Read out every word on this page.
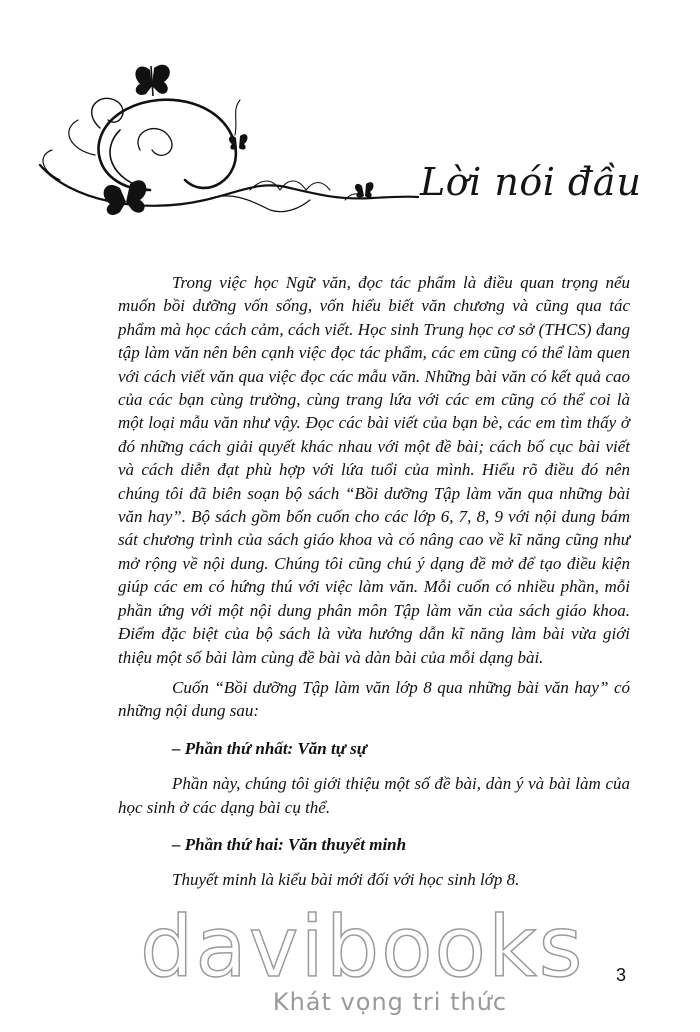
Lời nói đầu

Trong việc học Ngữ văn, đọc tác phẩm là điều quan trọng nếu muốn bồi dưỡng vốn sống, vốn hiểu biết văn chương và cũng qua tác phẩm mà học cách cảm, cách viết. Học sinh Trung học cơ sở (THCS) đang tập làm văn nên bên cạnh việc đọc tác phẩm, các em cũng có thể làm quen với cách viết văn qua việc đọc các mẫu văn. Những bài văn có kết quả cao của các bạn cùng trường, cùng trang lứa với các em cũng có thể coi là một loại mẫu văn như vậy. Đọc các bài viết của bạn bè, các em tìm thấy ở đó những cách giải quyết khác nhau với một đề bài; cách bố cục bài viết và cách diễn đạt phù hợp với lứa tuổi của mình. Hiểu rõ điều đó nên chúng tôi đã biên soạn bộ sách “Bồi dưỡng Tập làm văn qua những bài văn hay”. Bộ sách gồm bốn cuốn cho các lớp 6, 7, 8, 9 với nội dung bám sát chương trình của sách giáo khoa và có nâng cao về kĩ năng cũng như mở rộng về nội dung. Chúng tôi cũng chú ý dạng đề mở để tạo điều kiện giúp các em có hứng thú với việc làm văn. Mỗi cuốn có nhiều phần, mỗi phần ứng với một nội dung phân môn Tập làm văn của sách giáo khoa. Điểm đặc biệt của bộ sách là vừa hướng dẫn kĩ năng làm bài vừa giới thiệu một số bài làm cùng đề bài và dàn bài của mỗi dạng bài.

Cuốn “Bồi dưỡng Tập làm văn lớp 8 qua những bài văn hay” có những nội dung sau:

– Phần thứ nhất: Văn tự sự

Phần này, chúng tôi giới thiệu một số đề bài, dàn ý và bài làm của học sinh ở các dạng bài cụ thể.

– Phần thứ hai: Văn thuyết minh

Thuyết minh là kiểu bài mới đối với học sinh lớp 8.

davibooks
Khát vọng tri thức
3
